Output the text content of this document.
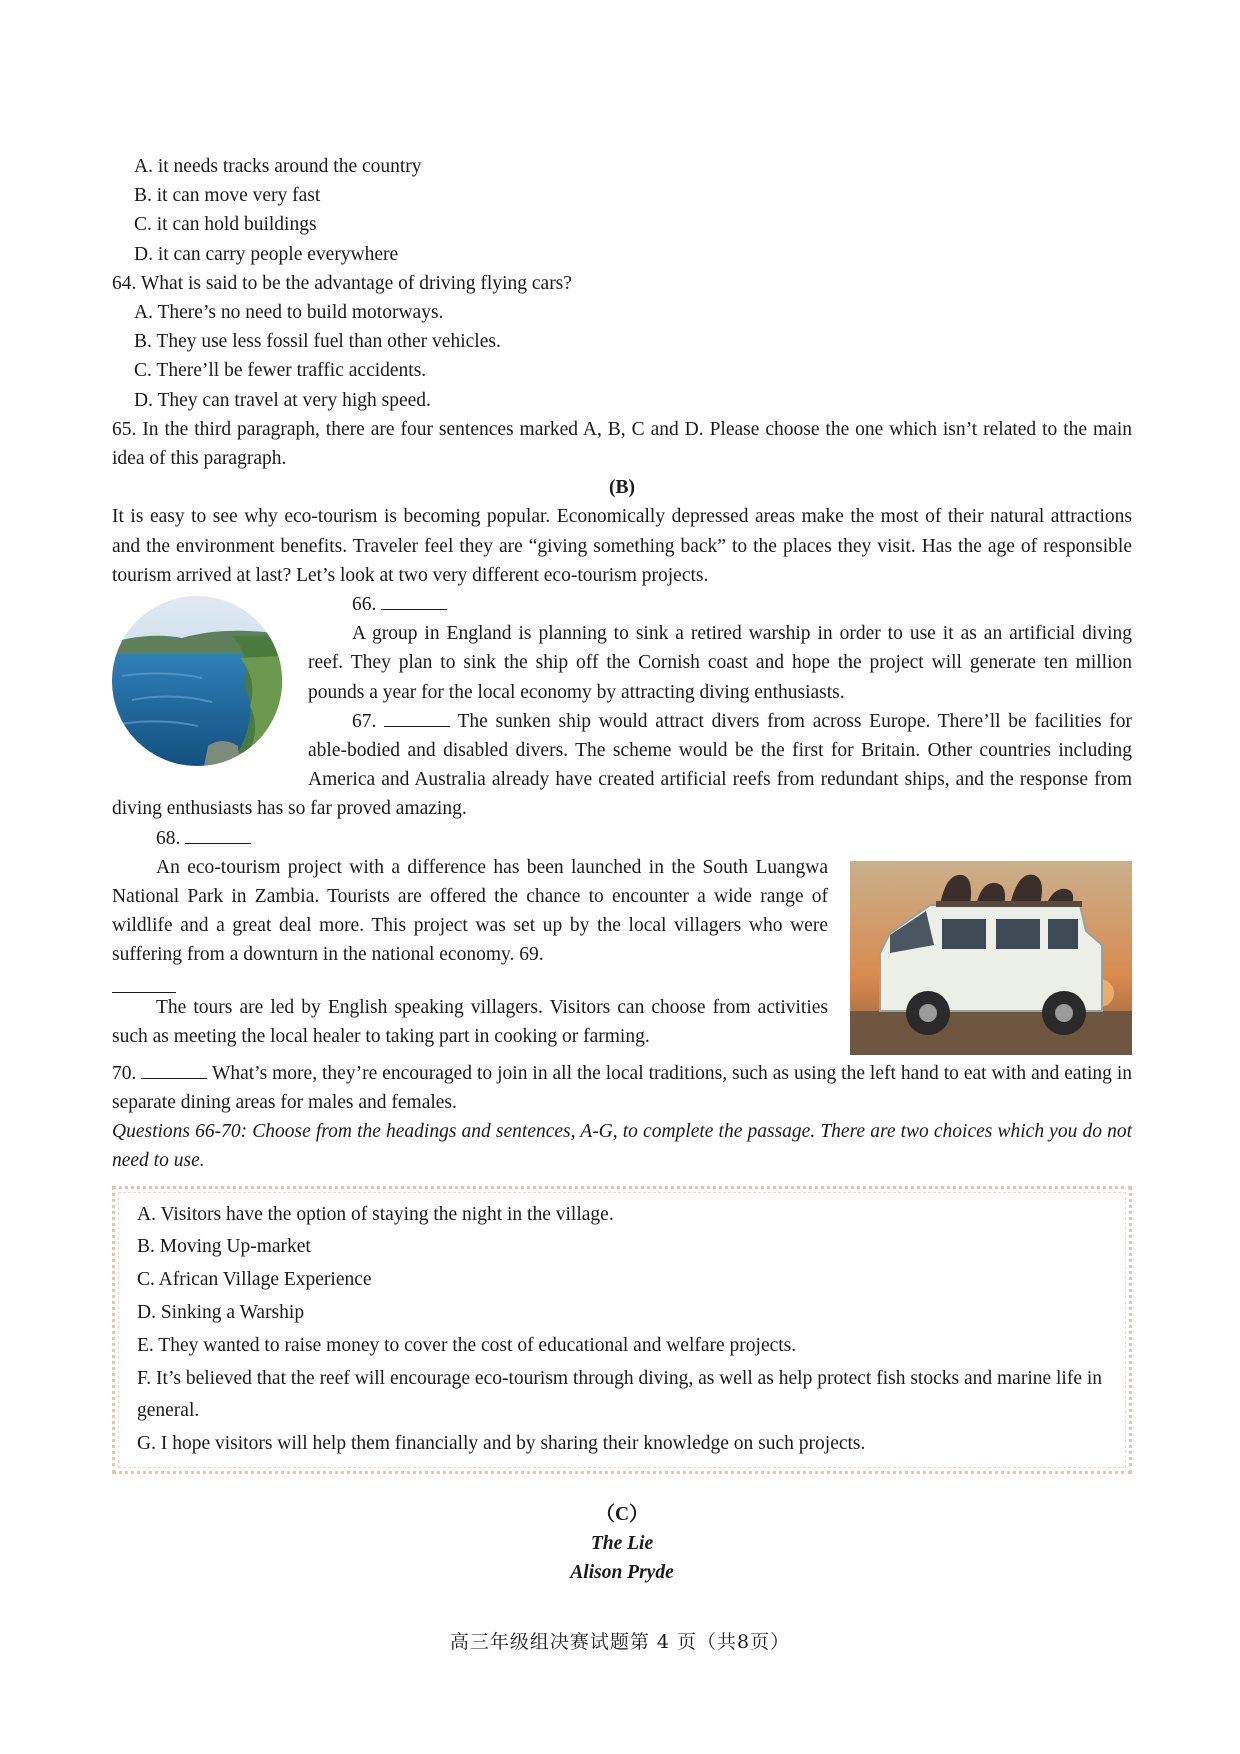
A. it needs tracks around the country

B. it can move very fast

C. it can hold buildings

D. it can carry people everywhere

64. What is said to be the advantage of driving flying cars?

A. There’s no need to build motorways.

B. They use less fossil fuel than other vehicles.

C. There’ll be fewer traffic accidents.

D. They can travel at very high speed.

65. In the third paragraph, there are four sentences marked A, B, C and D. Please choose the one which isn’t related to the main idea of this paragraph.

(B)

It is easy to see why eco-tourism is becoming popular. Economically depressed areas make the most of their natural attractions and the environment benefits. Traveler feel they are “giving something back” to the places they visit. Has the age of responsible tourism arrived at last? Let’s look at two very different eco-tourism projects.

66.

A group in England is planning to sink a retired warship in order to use it as an artificial diving reef. They plan to sink the ship off the Cornish coast and hope the project will generate ten million pounds a year for the local economy by attracting diving enthusiasts.

67.	The sunken ship would attract divers from across Europe. There’ll be facilities for able-bodied and disabled divers. The scheme would be the first for Britain. Other countries including America and Australia already have created artificial reefs from redundant ships, and the response from diving enthusiasts has so far proved amazing.

68.

An eco-tourism project with a difference has been launched in the South Luangwa National Park in Zambia. Tourists are offered the chance to encounter a wide range of wildlife and a great deal more. This project was set up by the local villagers who were suffering from a downturn in the national economy. 69.

The tours are led by English speaking villagers. Visitors can choose from activities such as meeting the local healer to taking part in cooking or farming.

70.	What’s more, they’re encouraged to join in all the local traditions, such as using the left hand to eat with and eating in separate dining areas for males and females.

Questions 66-70: Choose from the headings and sentences, A-G, to complete the passage. There are two choices which you do not need to use.

A. Visitors have the option of staying the night in the village.

B. Moving Up-market

C. African Village Experience

D. Sinking a Warship

E. They wanted to raise money to cover the cost of educational and welfare projects.

F. It’s believed that the reef will encourage eco-tourism through diving, as well as help protect fish stocks and marine life in general.

G. I hope visitors will help them financially and by sharing their knowledge on such projects.

（C）

The Lie

Alison Pryde

高三年级组决赛试题第 4 页（共8页）
